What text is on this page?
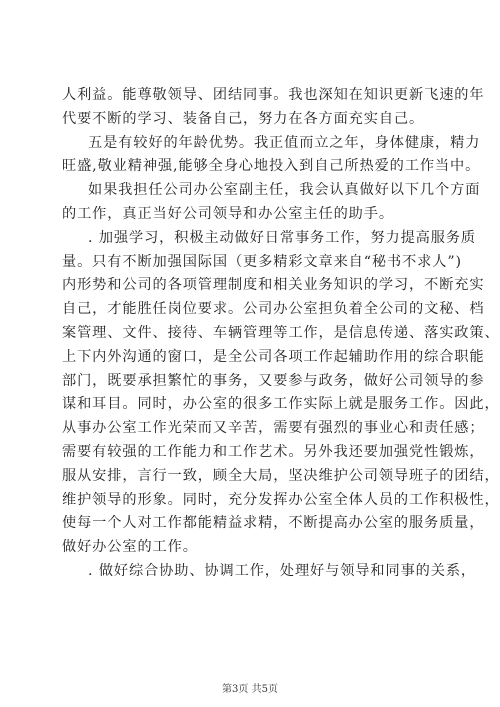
人利益。能尊敬领导、团结同事。我也深知在知识更新飞速的年
代要不断的学习、装备自己，努力在各方面充实自己。
五是有较好的年龄优势。我正值而立之年，身体健康，精力
旺盛,敬业精神强,能够全身心地投入到自己所热爱的工作当中。
如果我担任公司办公室副主任，我会认真做好以下几个方面
的工作，真正当好公司领导和办公室主任的助手。
. 加强学习，积极主动做好日常事务工作，努力提高服务质
量。只有不断加强国际国（更多精彩文章来自“秘书不求人”)
内形势和公司的各项管理制度和相关业务知识的学习，不断充实
自己，才能胜任岗位要求。公司办公室担负着全公司的文秘、档
案管理、文件、接待、车辆管理等工作，是信息传递、落实政策、
上下内外沟通的窗口，是全公司各项工作起辅助作用的综合职能
部门，既要承担繁忙的事务，又要参与政务，做好公司领导的参
谋和耳目。同时，办公室的很多工作实际上就是服务工作。因此，
从事办公室工作光荣而又辛苦，需要有强烈的事业心和责任感；
需要有较强的工作能力和工作艺术。另外我还要加强党性锻炼，
服从安排，言行一致，顾全大局，坚决维护公司领导班子的团结，
维护领导的形象。同时，充分发挥办公室全体人员的工作积极性，
使每一个人对工作都能精益求精，不断提高办公室的服务质量，
做好办公室的工作。
. 做好综合协助、协调工作，处理好与领导和同事的关系，
第3页 共5页
